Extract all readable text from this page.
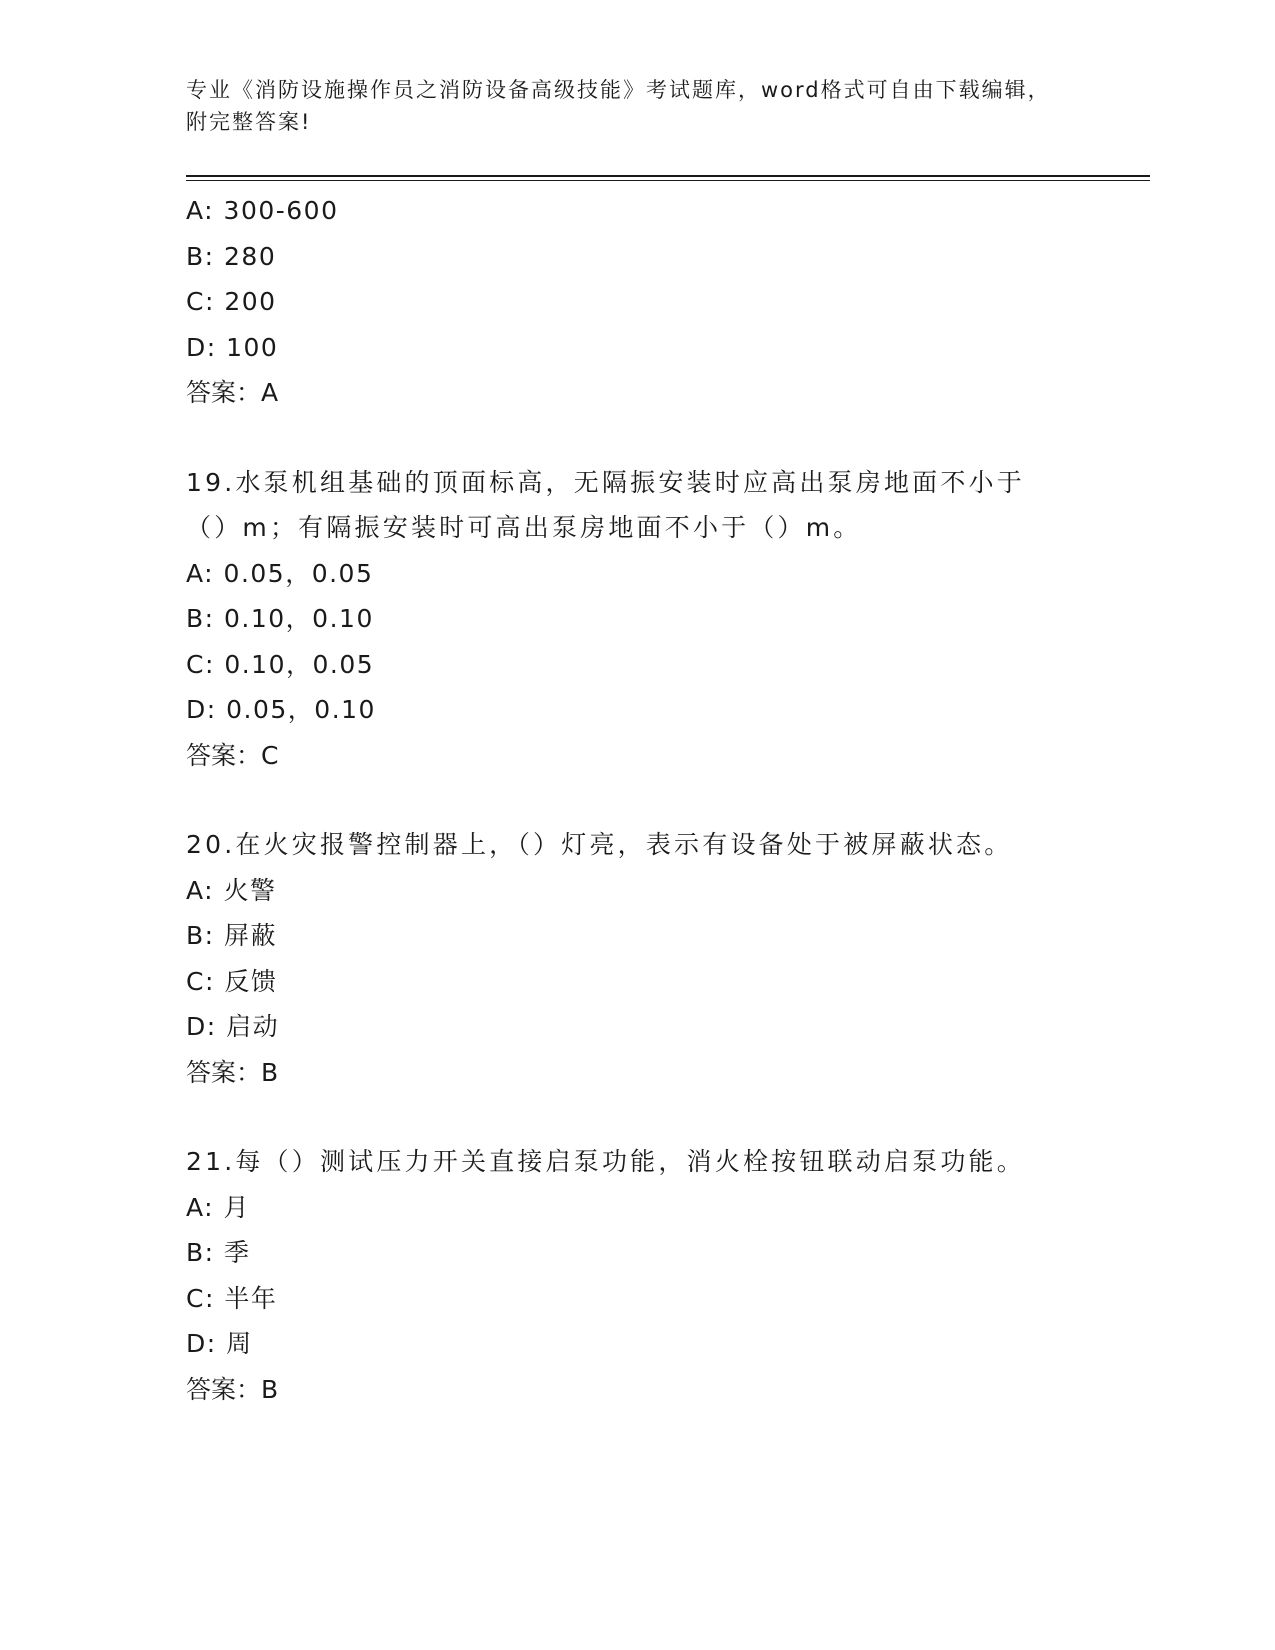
专业《消防设施操作员之消防设备高级技能》考试题库，word格式可自由下载编辑，附完整答案!
A: 300-600
B: 280
C: 200
D: 100
答案：A
19.水泵机组基础的顶面标高，无隔振安装时应高出泵房地面不小于（）m；有隔振安装时可高出泵房地面不小于（）m。
A: 0.05，0.05
B: 0.10，0.10
C: 0.10，0.05
D: 0.05，0.10
答案：C
20.在火灾报警控制器上，（）灯亮，表示有设备处于被屏蔽状态。
A: 火警
B: 屏蔽
C: 反馈
D: 启动
答案：B
21.每（）测试压力开关直接启泵功能，消火栓按钮联动启泵功能。
A: 月
B: 季
C: 半年
D: 周
答案：B
